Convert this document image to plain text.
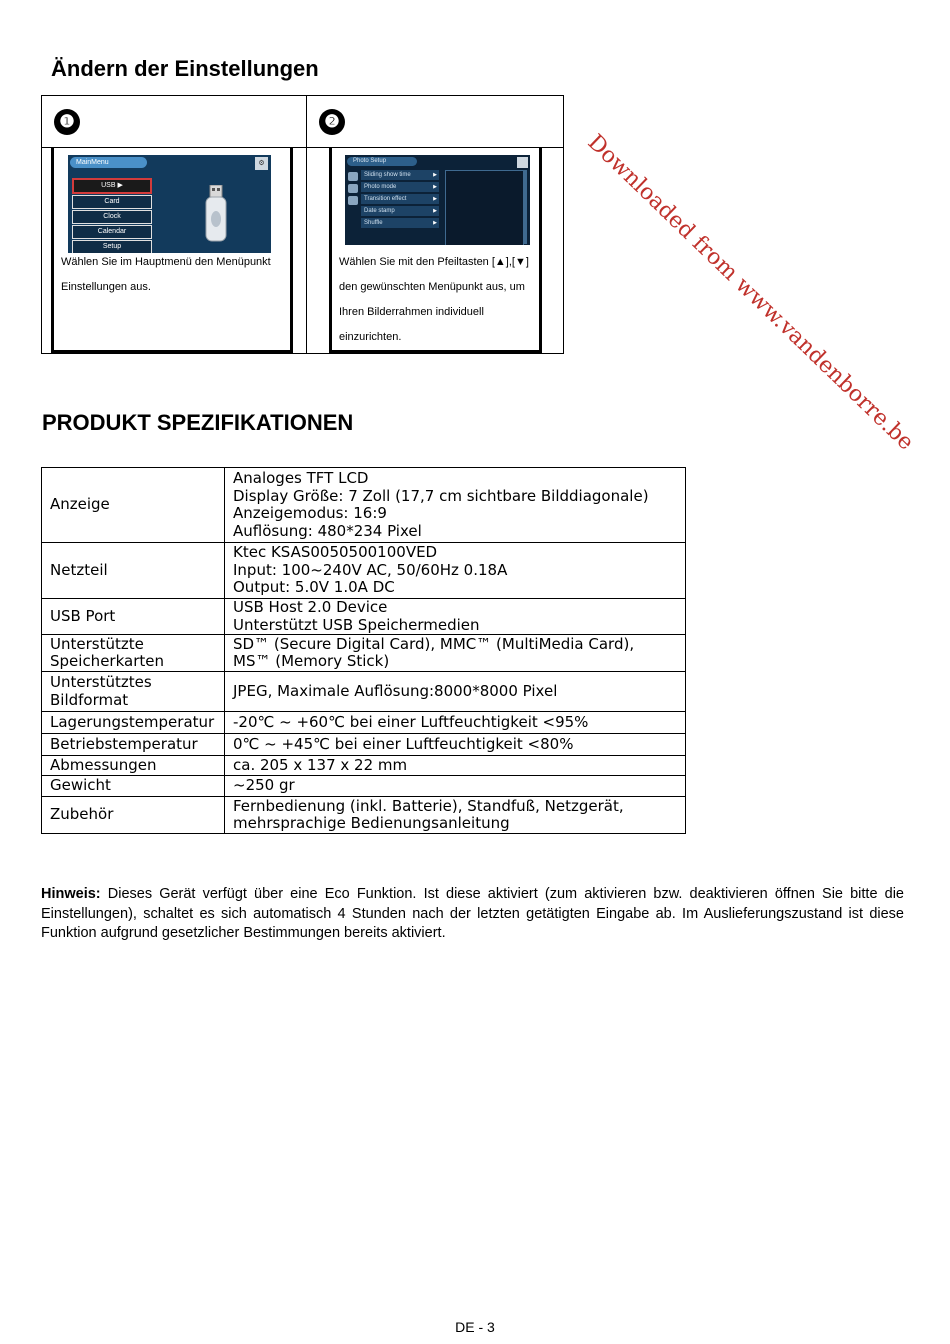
Downloaded from www.vandenborre.be
Ändern der Einstellungen
❶	❷
MainMenu	⚙
USB ▶
Card
Clock
Calendar
Setup
Photo Setup
Sliding show time ▶
Photo mode ▶
Transition effect ▶
Date stamp ▶
Shuffle ▶
Wählen Sie im Hauptmenü den Menüpunkt Einstellungen aus.
Wählen Sie mit den Pfeiltasten [▲],[▼] den gewünschten Menüpunkt aus, um Ihren Bilderrahmen individuell einzurichten.
PRODUKT SPEZIFIKATIONEN
Anzeige	Analoges TFT LCD
Display Größe: 7 Zoll (17,7 cm sichtbare Bilddiagonale)
Anzeigemodus: 16:9
Auflösung: 480*234 Pixel
Netzteil	Ktec KSAS0050500100VED
Input: 100~240V AC, 50/60Hz 0.18A
Output: 5.0V 1.0A DC
USB Port	USB Host 2.0 Device
Unterstützt USB Speichermedien
Unterstützte
Speicherkarten	SD™ (Secure Digital Card), MMC™ (MultiMedia Card),
MS™ (Memory Stick)
Unterstütztes
Bildformat	JPEG, Maximale Auflösung:8000*8000 Pixel
Lagerungstemperatur	-20℃ ~ +60℃ bei einer Luftfeuchtigkeit <95%
Betriebstemperatur	0℃ ~ +45℃ bei einer Luftfeuchtigkeit <80%
Abmessungen	ca. 205 x 137 x 22 mm
Gewicht	~250 gr
Zubehör	Fernbedienung (inkl. Batterie), Standfuß, Netzgerät,
mehrsprachige Bedienungsanleitung
Hinweis: Dieses Gerät verfügt über eine Eco Funktion. Ist diese aktiviert (zum aktivieren bzw. deaktivieren öffnen Sie bitte die Einstellungen), schaltet es sich automatisch 4 Stunden nach der letzten getätigten Eingabe ab. Im Auslieferungszustand ist diese Funktion aufgrund gesetzlicher Bestimmungen bereits aktiviert.
DE - 3
